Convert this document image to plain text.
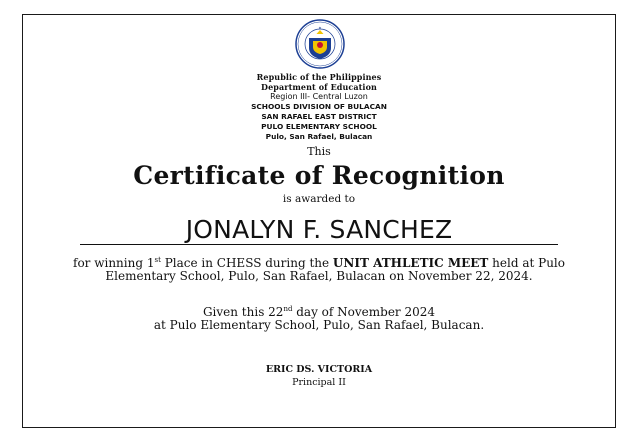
★
Republic of the Philippines
Department of Education
Region III- Central Luzon
SCHOOLS DIVISION OF BULACAN
SAN RAFAEL EAST DISTRICT
PULO ELEMENTARY SCHOOL
Pulo, San Rafael, Bulacan
This
Certificate of Recognition
is awarded to
JONALYN F. SANCHEZ
for winning 1st Place in CHESS during the UNIT ATHLETIC MEET held at Pulo
Elementary School, Pulo, San Rafael, Bulacan on November 22, 2024.
Given this 22nd day of November 2024
at Pulo Elementary School, Pulo, San Rafael, Bulacan.
ERIC DS. VICTORIA
Principal II
